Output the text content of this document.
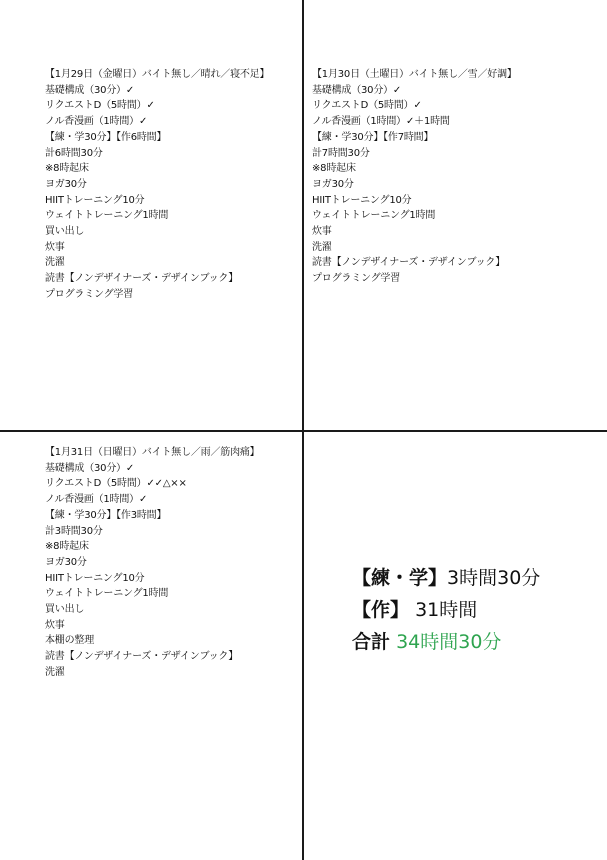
【1月29日（金曜日）バイト無し／晴れ／寝不足】
基礎構成（30分）✓
リクエストD（5時間）✓
ノル香漫画（1時間）✓
【練・学30分】【作6時間】
計6時間30分
※8時起床
ヨガ30分
HIITトレーニング10分
ウェイトトレーニング1時間
買い出し
炊事
洗濯
読書【ノンデザイナーズ・デザインブック】
プログラミング学習
【1月30日（土曜日）バイト無し／雪／好調】
基礎構成（30分）✓
リクエストD（5時間）✓
ノル香漫画（1時間）✓＋1時間
【練・学30分】【作7時間】
計7時間30分
※8時起床
ヨガ30分
HIITトレーニング10分
ウェイトトレーニング1時間
炊事
洗濯
読書【ノンデザイナーズ・デザインブック】
プログラミング学習
【1月31日（日曜日）バイト無し／雨／筋肉痛】
基礎構成（30分）✓
リクエストD（5時間）✓✓△××
ノル香漫画（1時間）✓
【練・学30分】【作3時間】
計3時間30分
※8時起床
ヨガ30分
HIITトレーニング10分
ウェイトトレーニング1時間
買い出し
炊事
本棚の整理
読書【ノンデザイナーズ・デザインブック】
洗濯
【練・学】3時間30分
【作】 31時間
合計 34時間30分
